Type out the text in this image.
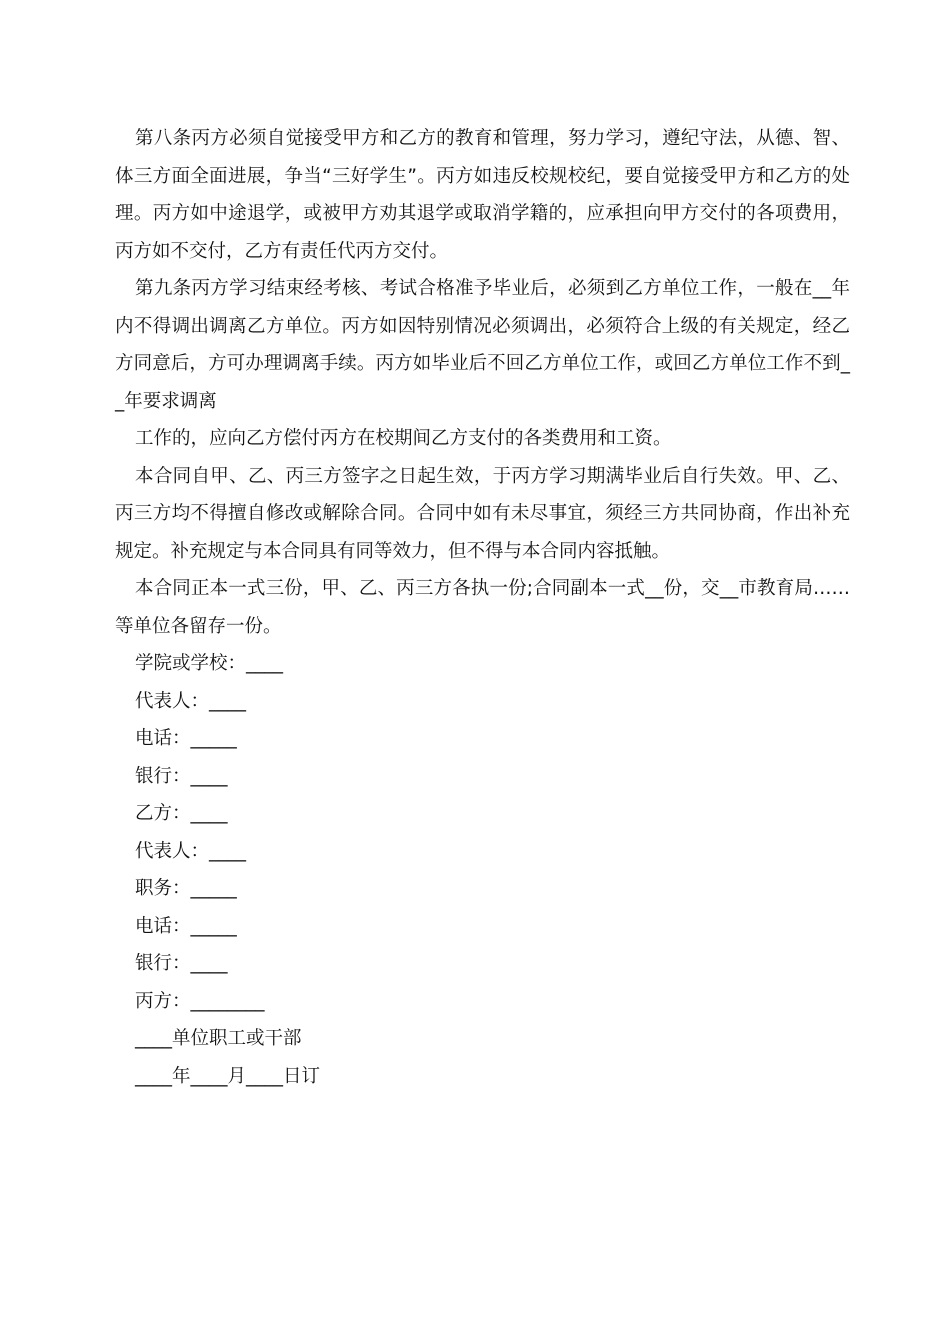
第八条丙方必须自觉接受甲方和乙方的教育和管理，努力学习，遵纪守法，从德、智、体三方面全面进展，争当“三好学生”。丙方如违反校规校纪，要自觉接受甲方和乙方的处理。丙方如中途退学，或被甲方劝其退学或取消学籍的，应承担向甲方交付的各项费用，丙方如不交付，乙方有责任代丙方交付。

第九条丙方学习结束经考核、考试合格准予毕业后，必须到乙方单位工作，一般在__年内不得调出调离乙方单位。丙方如因特别情况必须调出，必须符合上级的有关规定，经乙方同意后，方可办理调离手续。丙方如毕业后不回乙方单位工作，或回乙方单位工作不到__年要求调离

工作的，应向乙方偿付丙方在校期间乙方支付的各类费用和工资。

本合同自甲、乙、丙三方签字之日起生效，于丙方学习期满毕业后自行失效。甲、乙、丙三方均不得擅自修改或解除合同。合同中如有未尽事宜，须经三方共同协商，作出补充规定。补充规定与本合同具有同等效力，但不得与本合同内容抵触。

本合同正本一式三份，甲、乙、丙三方各执一份;合同副本一式__份，交__市教育局……等单位各留存一份。

学院或学校：____

代表人：____

电话：_____

银行：____

乙方：____

代表人：____

职务：_____

电话：_____

银行：____

丙方：________

____单位职工或干部

____年____月____日订
